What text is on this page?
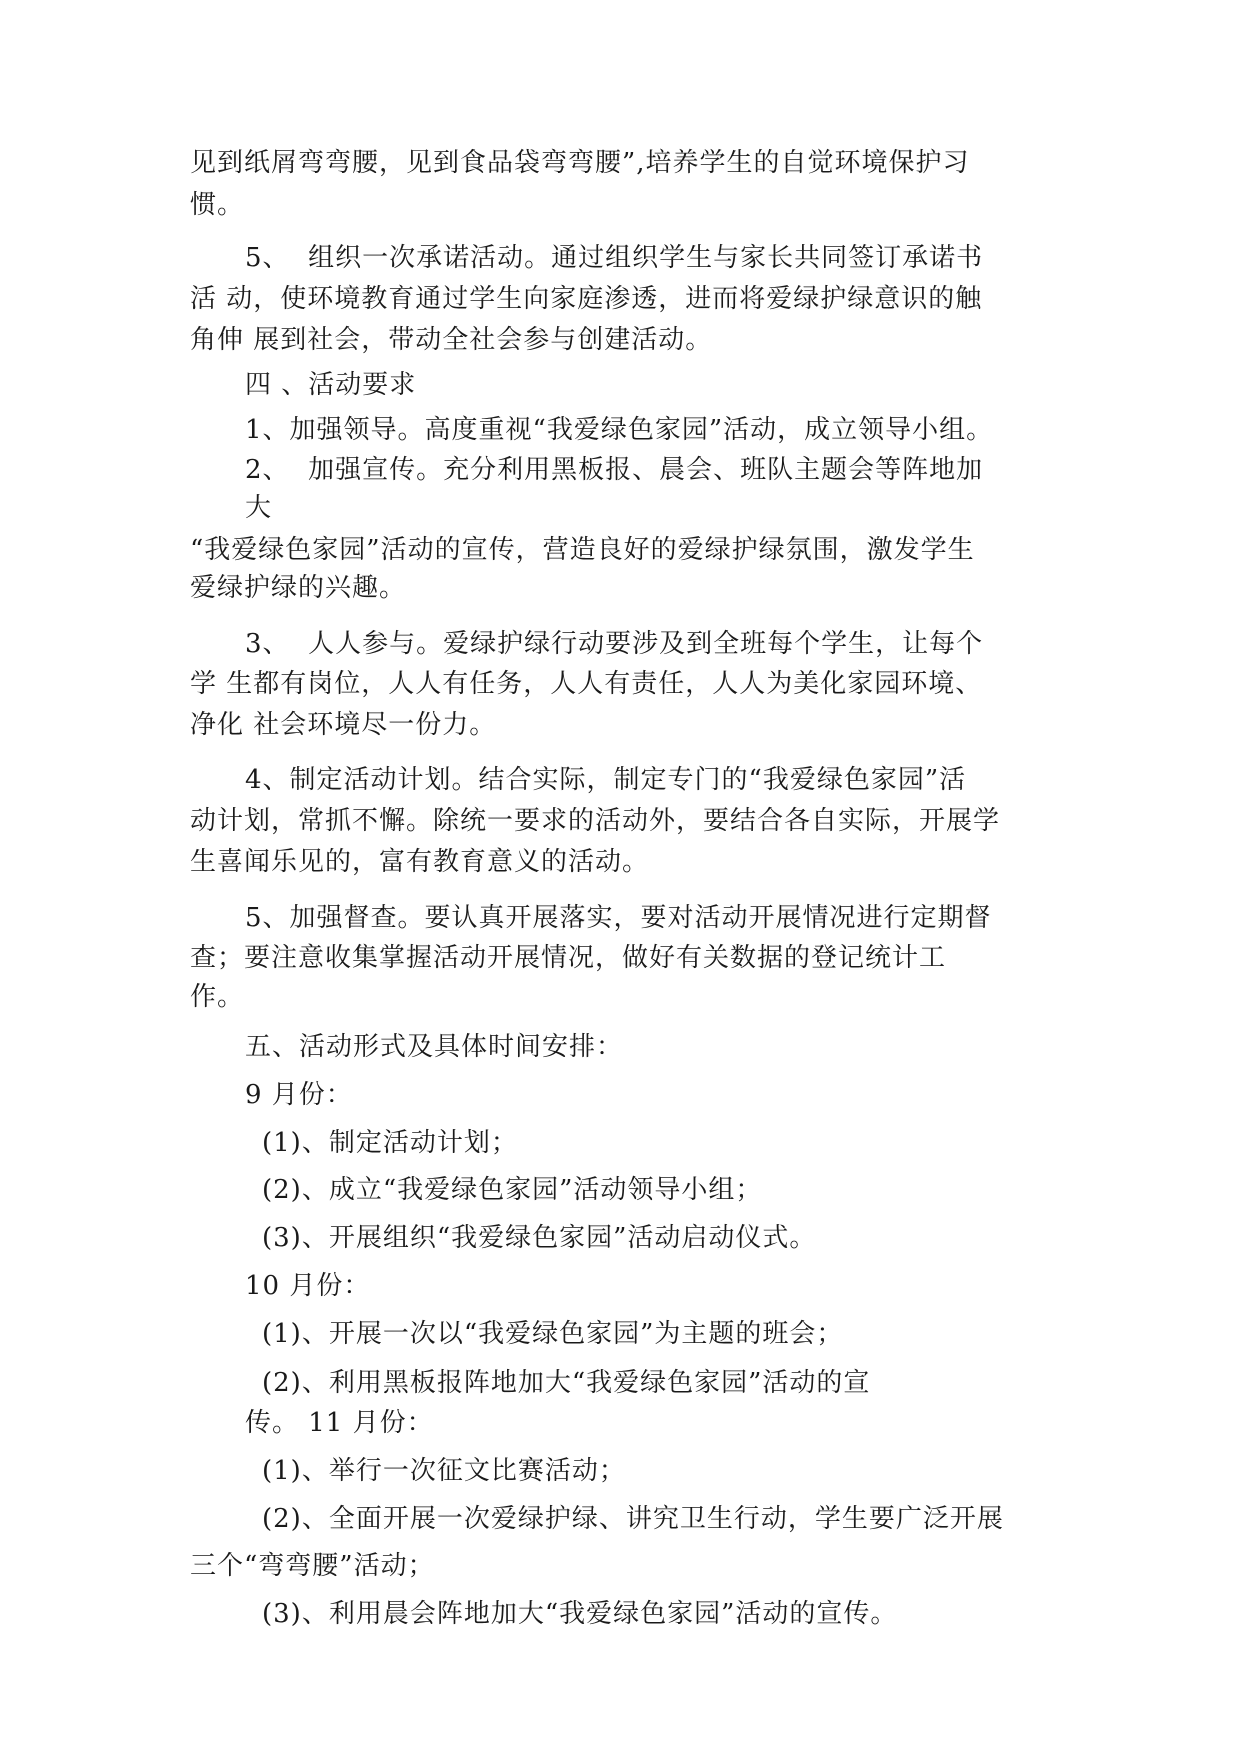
见到纸屑弯弯腰，见到食品袋弯弯腰”,培养学生的自觉环境保护习
惯。
5、  组织一次承诺活动。通过组织学生与家长共同签订承诺书
活 动，使环境教育通过学生向家庭渗透，进而将爱绿护绿意识的触
角伸 展到社会，带动全社会参与创建活动。
四 、活动要求
1、加强领导。高度重视“我爱绿色家园”活动，成立领导小组。
2、  加强宣传。充分利用黑板报、晨会、班队主题会等阵地加
大
“我爱绿色家园”活动的宣传，营造良好的爱绿护绿氛围，激发学生
爱绿护绿的兴趣。
3、  人人参与。爱绿护绿行动要涉及到全班每个学生，让每个
学 生都有岗位，人人有任务，人人有责任，人人为美化家园环境、
净化 社会环境尽一份力。
4、制定活动计划。结合实际，制定专门的“我爱绿色家园”活
动计划，常抓不懈。除统一要求的活动外，要结合各自实际，开展学
生喜闻乐见的，富有教育意义的活动。
5、加强督查。要认真开展落实，要对活动开展情况进行定期督
查；要注意收集掌握活动开展情况，做好有关数据的登记统计工
作。
五、活动形式及具体时间安排：
9 月份：
(1)、制定活动计划；
(2)、成立“我爱绿色家园”活动领导小组；
(3)、开展组织“我爱绿色家园”活动启动仪式。
10 月份：
(1)、开展一次以“我爱绿色家园”为主题的班会；
(2)、利用黑板报阵地加大“我爱绿色家园”活动的宣
传。 11 月份：
(1)、举行一次征文比赛活动；
(2)、全面开展一次爱绿护绿、讲究卫生行动，学生要广泛开展
三个“弯弯腰”活动；
(3)、利用晨会阵地加大“我爱绿色家园”活动的宣传。
